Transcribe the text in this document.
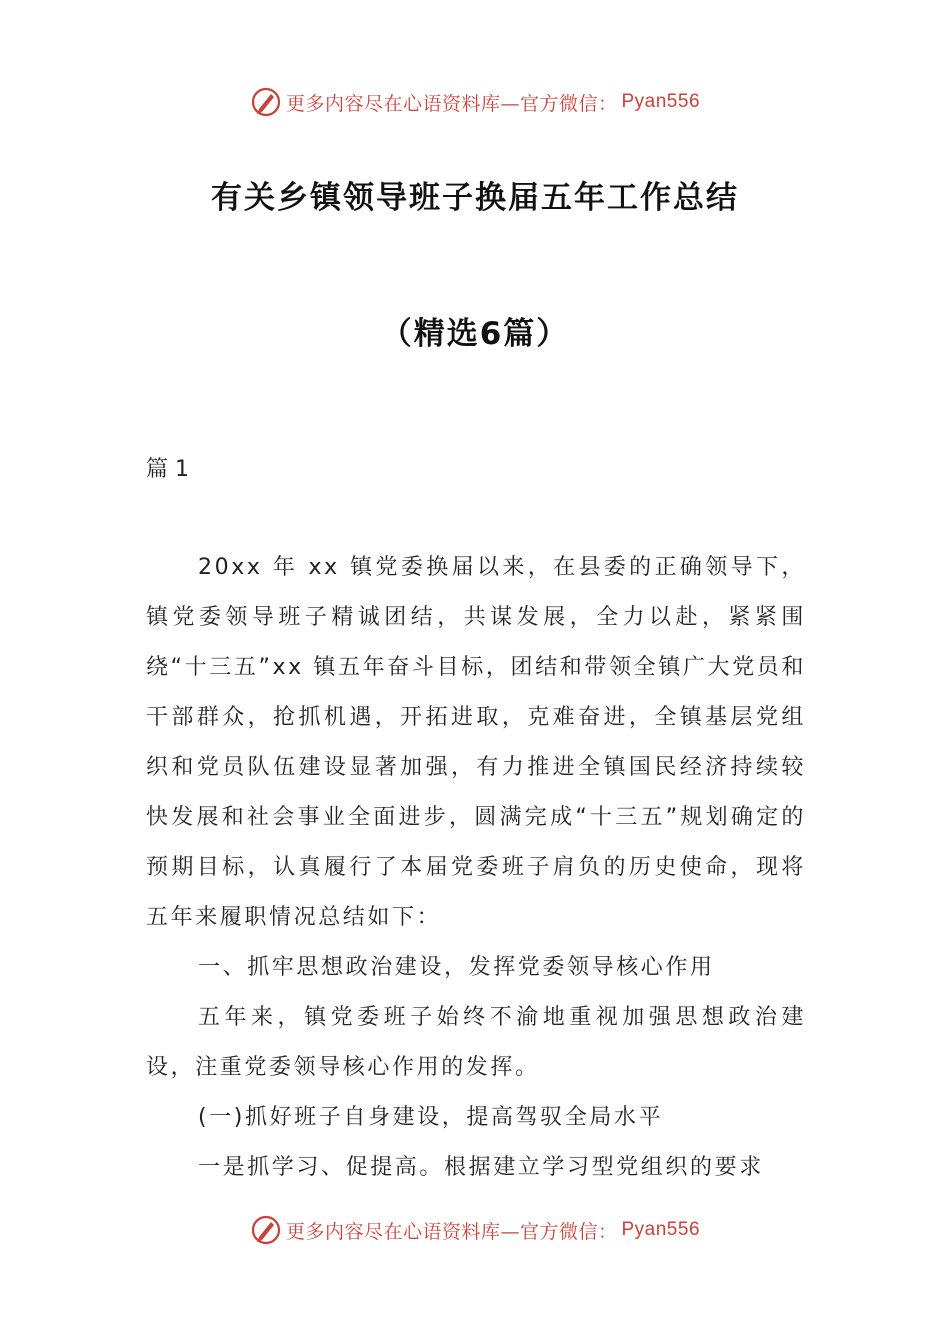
更多内容尽在心语资料库—官方微信： Pyan556
有关乡镇领导班子换届五年工作总结
（精选6篇）
篇 1

20xx 年 xx 镇党委换届以来，在县委的正确领导下，镇党委领导班子精诚团结，共谋发展，全力以赴，紧紧围绕“十三五”xx 镇五年奋斗目标，团结和带领全镇广大党员和干部群众，抢抓机遇，开拓进取，克难奋进，全镇基层党组织和党员队伍建设显著加强，有力推进全镇国民经济持续较快发展和社会事业全面进步，圆满完成“十三五”规划确定的预期目标，认真履行了本届党委班子肩负的历史使命，现将五年来履职情况总结如下：

一、抓牢思想政治建设，发挥党委领导核心作用

五年来，镇党委班子始终不渝地重视加强思想政治建设，注重党委领导核心作用的发挥。

(一)抓好班子自身建设，提高驾驭全局水平

一是抓学习、促提高。根据建立学习型党组织的要求

更多内容尽在心语资料库—官方微信： Pyan556
